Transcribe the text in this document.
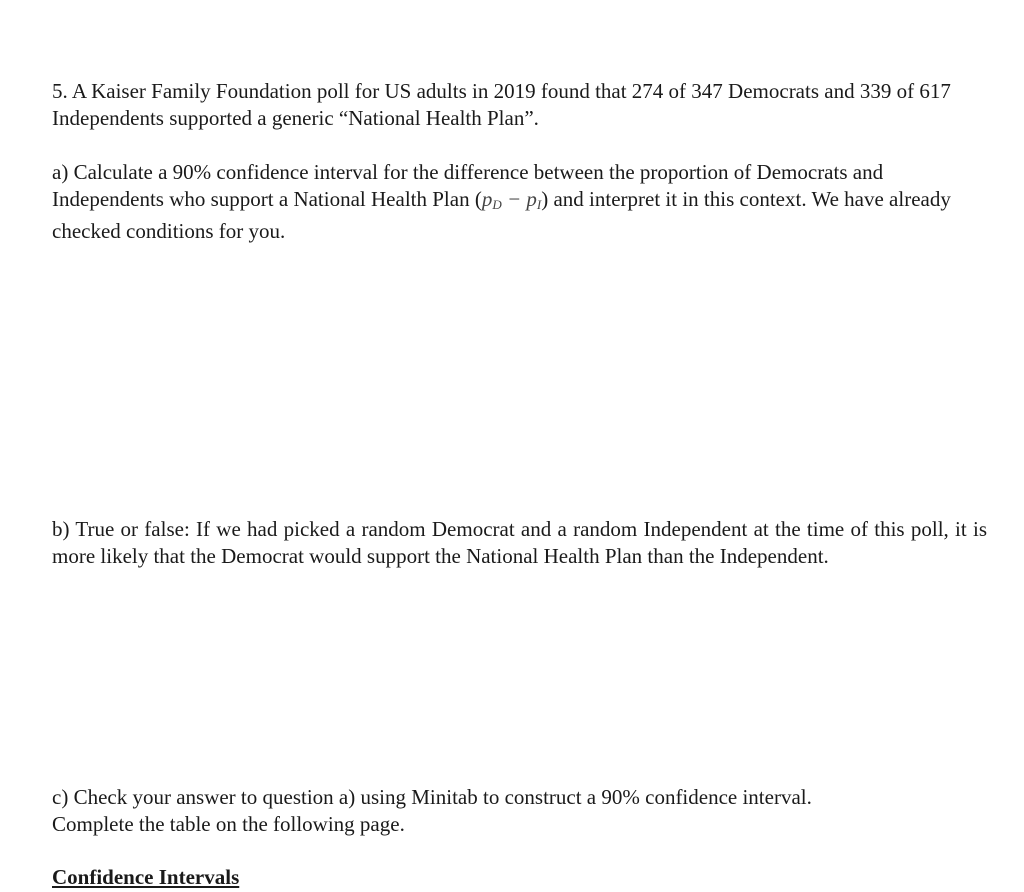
5. A Kaiser Family Foundation poll for US adults in 2019 found that 274 of 347 Democrats and 339 of 617 Independents supported a generic “National Health Plan”.

a) Calculate a 90% confidence interval for the difference between the proportion of Democrats and Independents who support a National Health Plan $(p_D - p_I)$ and interpret it in this context. We have already checked conditions for you.

b) True or false: If we had picked a random Democrat and a random Independent at the time of this poll, it is more likely that the Democrat would support the National Health Plan than the Independent.

c) Check your answer to question a) using Minitab to construct a 90% confidence interval.
Complete the table on the following page.

Confidence Intervals
